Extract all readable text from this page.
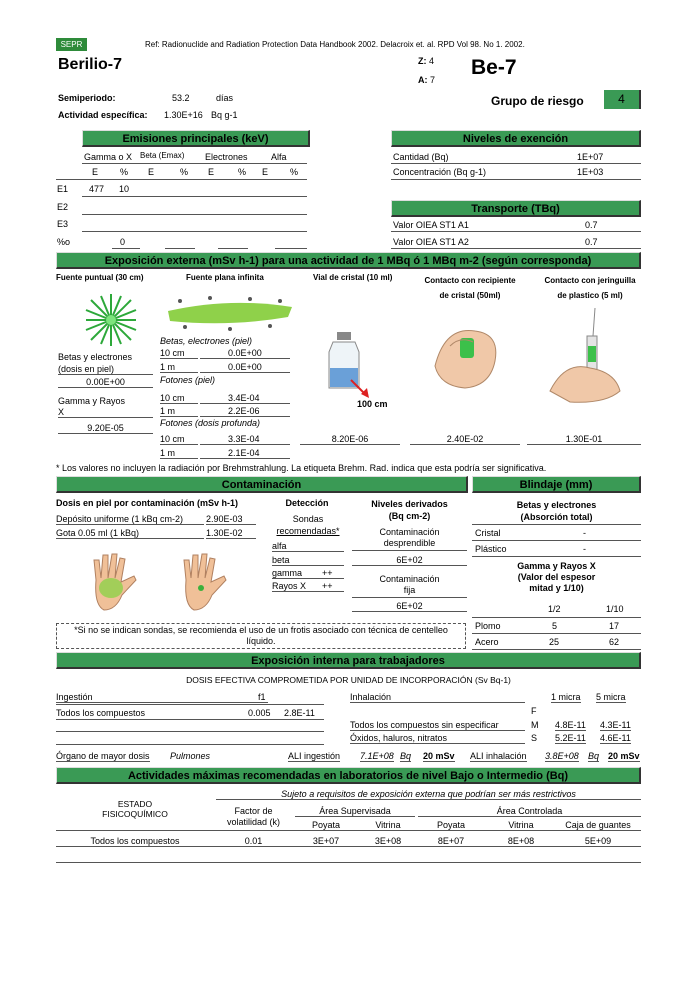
SEPR	Ref: Radionuclide and Radiation Protection Data Handbook 2002. Delacroix et. al. RPD Vol 98. No 1. 2002.
Berilio-7	Z: 4
A: 7
Be-7
Semiperiodo:	53.2	días
Actividad específica: 1.30E+16 Bq g-1
Grupo de riesgo	4
Emisiones principales (keV)
Gamma o X Beta (Emax) Electrones	Alfa
E % E	% E	% E %
E1 477 10
E2
E3
%o	0
Niveles de exención
Cantidad (Bq)	1E+07
Concentración (Bq g-1)	1E+03
Transporte (TBq)
Valor OIEA ST1 A1	0.7
Valor OIEA ST1 A2	0.7
Exposición externa (mSv h-1) para una actividad de 1 MBq ó 1 MBq m-2 (según corresponda)
Fuente puntual (30 cm)	Fuente plana infinita	Vial de cristal (10 ml)	Contacto con recipiente
de cristal (50ml)
Contacto con jeringuilla
de plastico (5 ml)
Betas y electrones
(dosis en piel)
0.00E+00
Gamma y Rayos
X
9.20E-05
Betas, electrones (piel)
10 cm	0.0E+00
1 m	0.0E+00
Fotones (piel)
10 cm	3.4E-04
1 m	2.2E-06
Fotones (dosis profunda)
10 cm	3.3E-04
1 m	2.1E-04
100 cm
8.20E-06	2.40E-02	1.30E-01
* Los valores no incluyen la radiación por Brehmstrahlung. La etiqueta Brehm. Rad. indica que esta podría ser significativa.
Contaminación
Dosis en piel por contaminación (mSv h-1)
Depósito uniforme (1 kBq cm-2)	2.90E-03
Gota 0.05 ml (1 kBq)	1.30E-02
Detección
Sondas
recomendadas*
alfa
beta
gamma ++
Rayos X ++
Niveles derivados
(Bq cm-2)
Contaminación
desprendible
6E+02
Contaminación
fija
6E+02
*Si no se indican sondas, se recomienda el uso de un frotis asociado con técnica de centelleo
líquido.
Blindaje (mm)
Betas y electrones
(Absorción total)
Cristal	-
Plástico	-
Gamma y Rayos X
(Valor del espesor
mitad y 1/10)
1/2	1/10
Plomo	5	17
Acero	25	62
Exposición interna para trabajadores
DOSIS EFECTIVA COMPROMETIDA POR UNIDAD DE INCORPORACIÓN (Sv Bq-1)
Ingestión	f1
Todos los compuestos	0.005 2.8E-11
Inhalación	1 micra 5 micra
F
Todos los compuestos sin especificar	M 4.8E-11 4.3E-11
Óxidos, haluros, nitratos	S 5.2E-11 4.6E-11
Órgano de mayor dosis Pulmones	ALI ingestión 7.1E+08 Bq 20 mSv ALI inhalación 3.8E+08 Bq 20 mSv
Actividades máximas recomendadas en laboratorios de nivel Bajo o Intermedio (Bq)
Sujeto a requisitos de exposición externa que podrían ser más restrictivos
ESTADO
FISICOQUÍMICO	Factor de
volatilidad (k)
Área Supervisada	Área Controlada
Poyata	Vitrina	Poyata	Vitrina	Caja de guantes
Todos los compuestos	0.01	3E+07	3E+08	8E+07	8E+08	5E+09
